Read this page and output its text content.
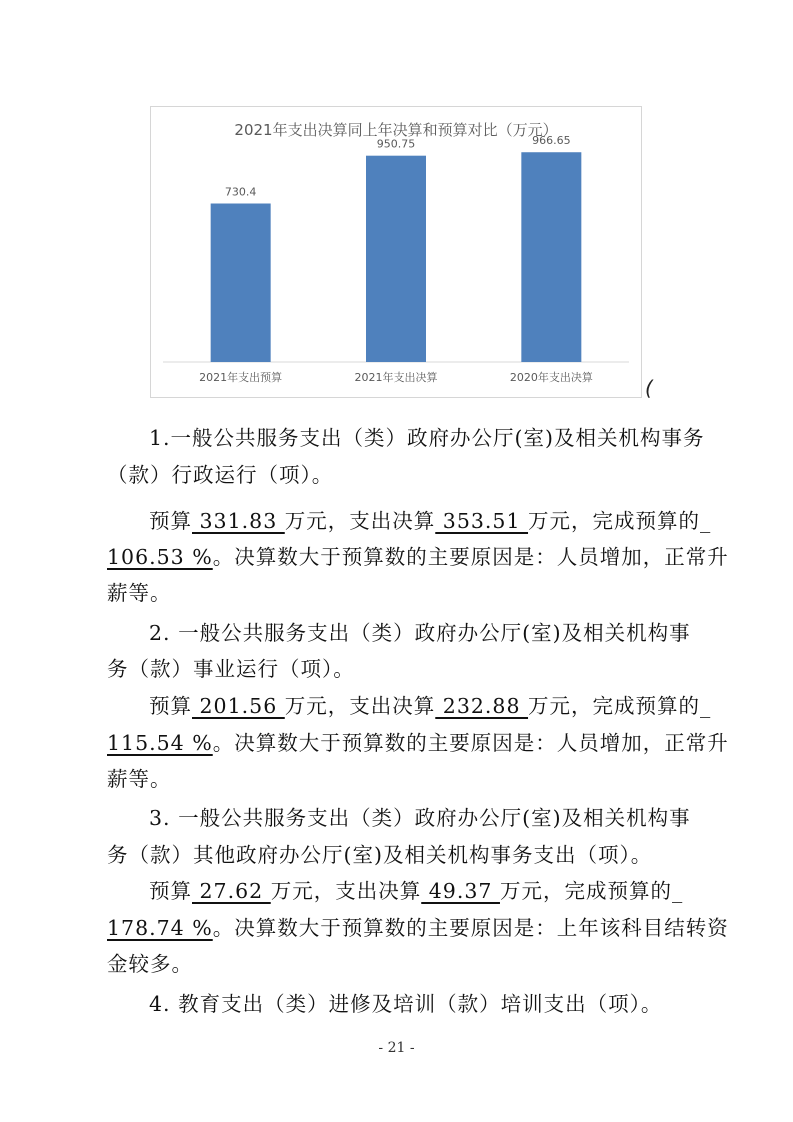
2021年支出决算同上年决算和预算对比（万元）
730.4
2021年支出预算
950.75
2021年支出决算
966.65
2020年支出决算	(
1.一般公共服务支出（类）政府办公厅(室)及相关机构事务
（款）行政运行（项）。
预算 331.83 万元，支出决算 353.51 万元，完成预算的_
106.53 %。决算数大于预算数的主要原因是：人员增加，正常升
薪等。
2. 一般公共服务支出（类）政府办公厅(室)及相关机构事
务（款）事业运行（项）。
预算 201.56 万元，支出决算 232.88 万元，完成预算的_
115.54 %。决算数大于预算数的主要原因是：人员增加，正常升
薪等。
3. 一般公共服务支出（类）政府办公厅(室)及相关机构事
务（款）其他政府办公厅(室)及相关机构事务支出（项）。
预算 27.62 万元，支出决算 49.37 万元，完成预算的_
178.74 %。决算数大于预算数的主要原因是：上年该科目结转资
金较多。
4. 教育支出（类）进修及培训（款）培训支出（项）。
- 21 -
